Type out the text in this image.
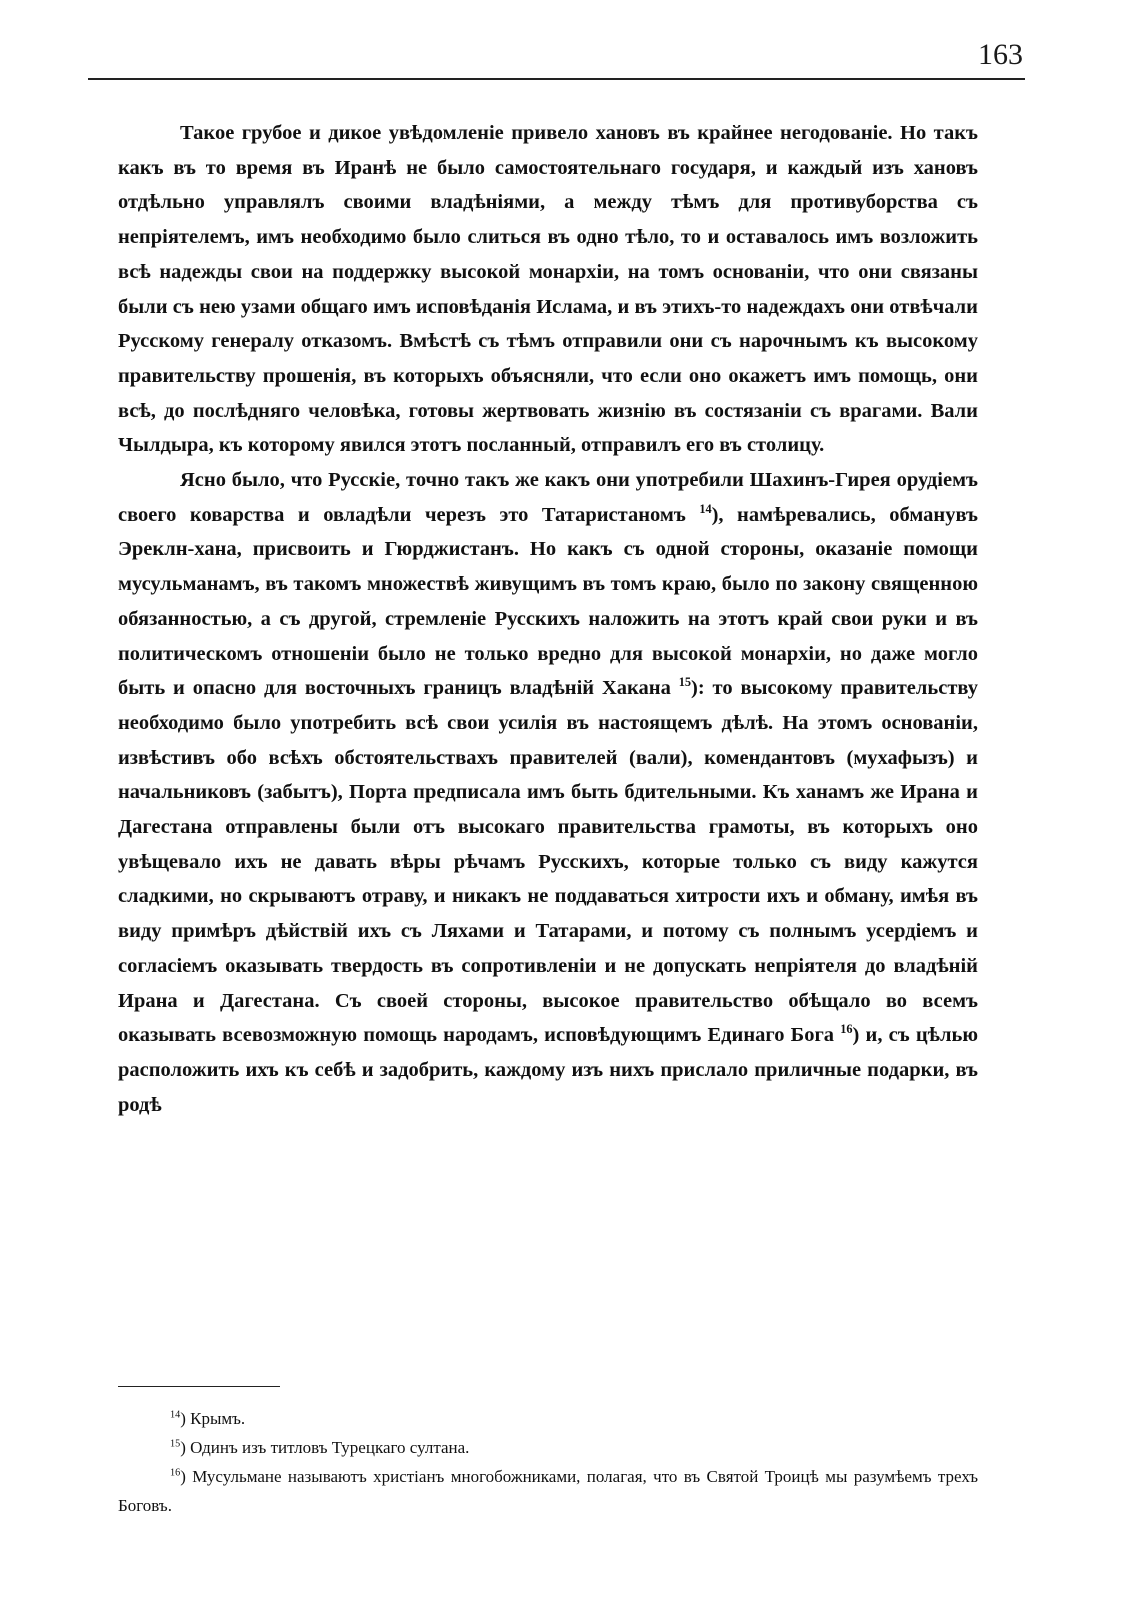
163

Такое грубое и дикое увѣдомленіе привело хановъ въ крайнее негодованіе. Но такъ какъ въ то время въ Иранѣ не было самостоятельнаго государя, и каждый изъ хановъ отдѣльно управлялъ своими владѣніями, а между тѣмъ для противуборства съ непріятелемъ, имъ необходимо было слиться въ одно тѣло, то и оставалось имъ возложить всѣ надежды свои на поддержку высокой монархіи, на томъ основаніи, что они связаны были съ нею узами общаго имъ исповѣданія Ислама, и въ этихъ-то надеждахъ они отвѣчали Русскому генералу отказомъ. Вмѣстѣ съ тѣмъ отправили они съ нарочнымъ къ высокому правительству прошенія, въ которыхъ объясняли, что если оно окажетъ имъ помощь, они всѣ, до послѣдняго человѣка, готовы жертвовать жизнію въ состязаніи съ врагами. Вали Чылдыра, къ которому явился этотъ посланный, отправилъ его въ столицу.

Ясно было, что Русскіе, точно такъ же какъ они употребили Шахинъ-Гирея орудіемъ своего коварства и овладѣли черезъ это Татаристаномъ $^{14}$), намѣревались, обманувъ Эреклн-хана, присвоить и Гюрджистанъ. Но какъ съ одной стороны, оказаніе помощи мусульманамъ, въ такомъ множествѣ живущимъ въ томъ краю, было по закону священною обязанностью, а съ другой, стремленіе Русскихъ наложить на этотъ край свои руки и въ политическомъ отношеніи было не только вредно для высокой монархіи, но даже могло быть и опасно для восточныхъ границъ владѣній Хакана $^{15}$): то высокому правительству необходимо было употребить всѣ свои усилія въ настоящемъ дѣлѣ. На этомъ основаніи, извѣстивъ обо всѣхъ обстоятельствахъ правителей (вали), комендантовъ (мухафызъ) и начальниковъ (забытъ), Порта предписала имъ быть бдительными. Къ ханамъ же Ирана и Дагестана отправлены были отъ высокаго правительства грамоты, въ которыхъ оно увѣщевало ихъ не давать вѣры рѣчамъ Русскихъ, которые только съ виду кажутся сладкими, но скрываютъ отраву, и никакъ не поддаваться хитрости ихъ и обману, имѣя въ виду примѣръ дѣйствій ихъ съ Ляхами и Татарами, и потому съ полнымъ усердіемъ и согласіемъ оказывать твердость въ сопротивленіи и не допускать непріятеля до владѣній Ирана и Дагестана. Съ своей стороны, высокое правительство обѣщало во всемъ оказывать всевозможную помощь народамъ, исповѣдующимъ Единаго Бога $^{16}$) и, съ цѣлью расположить ихъ къ себѣ и задобрить, каждому изъ нихъ прислало приличные подарки, въ родѣ

$^{14}$) Крымъ.

$^{15}$) Одинъ изъ титловъ Турецкаго султана.

$^{16}$) Мусульмане называютъ христіанъ многобожниками, полагая, что въ Святой Троицѣ мы разумѣемъ трехъ Боговъ.
